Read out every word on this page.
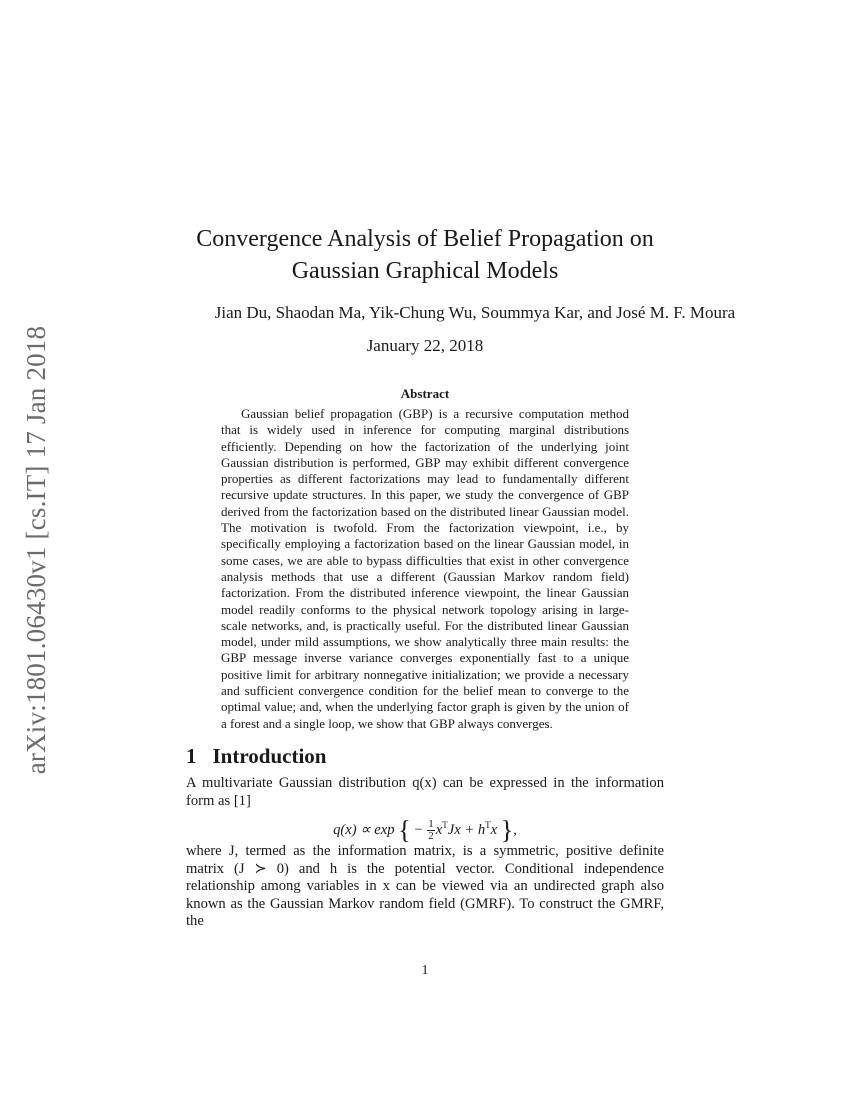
arXiv:1801.06430v1 [cs.IT] 17 Jan 2018
Convergence Analysis of Belief Propagation on
Gaussian Graphical Models
Jian Du, Shaodan Ma, Yik-Chung Wu, Soummya Kar, and José M. F. Moura
January 22, 2018
Abstract
Gaussian belief propagation (GBP) is a recursive computation method that is widely used in inference for computing marginal distributions efficiently. Depending on how the factorization of the underlying joint Gaussian distribution is performed, GBP may exhibit different convergence properties as different factorizations may lead to fundamentally different recursive update structures. In this paper, we study the convergence of GBP derived from the factorization based on the distributed linear Gaussian model. The motivation is twofold. From the factorization viewpoint, i.e., by specifically employing a factorization based on the linear Gaussian model, in some cases, we are able to bypass difficulties that exist in other convergence analysis methods that use a different (Gaussian Markov random field) factorization. From the distributed inference viewpoint, the linear Gaussian model readily conforms to the physical network topology arising in large-scale networks, and, is practically useful. For the distributed linear Gaussian model, under mild assumptions, we show analytically three main results: the GBP message inverse variance converges exponentially fast to a unique positive limit for arbitrary nonnegative initialization; we provide a necessary and sufficient convergence condition for the belief mean to converge to the optimal value; and, when the underlying factor graph is given by the union of a forest and a single loop, we show that GBP always converges.
1 Introduction
A multivariate Gaussian distribution q(x) can be expressed in the information form as [1]
q(x) ∝ exp { − $\frac{1}{2} x^TJx + h^Tx$ },
where J, termed as the information matrix, is a symmetric, positive definite matrix (J ≻ 0) and h is the potential vector. Conditional independence relationship among variables in x can be viewed via an undirected graph also known as the Gaussian Markov random field (GMRF). To construct the GMRF, the
1
